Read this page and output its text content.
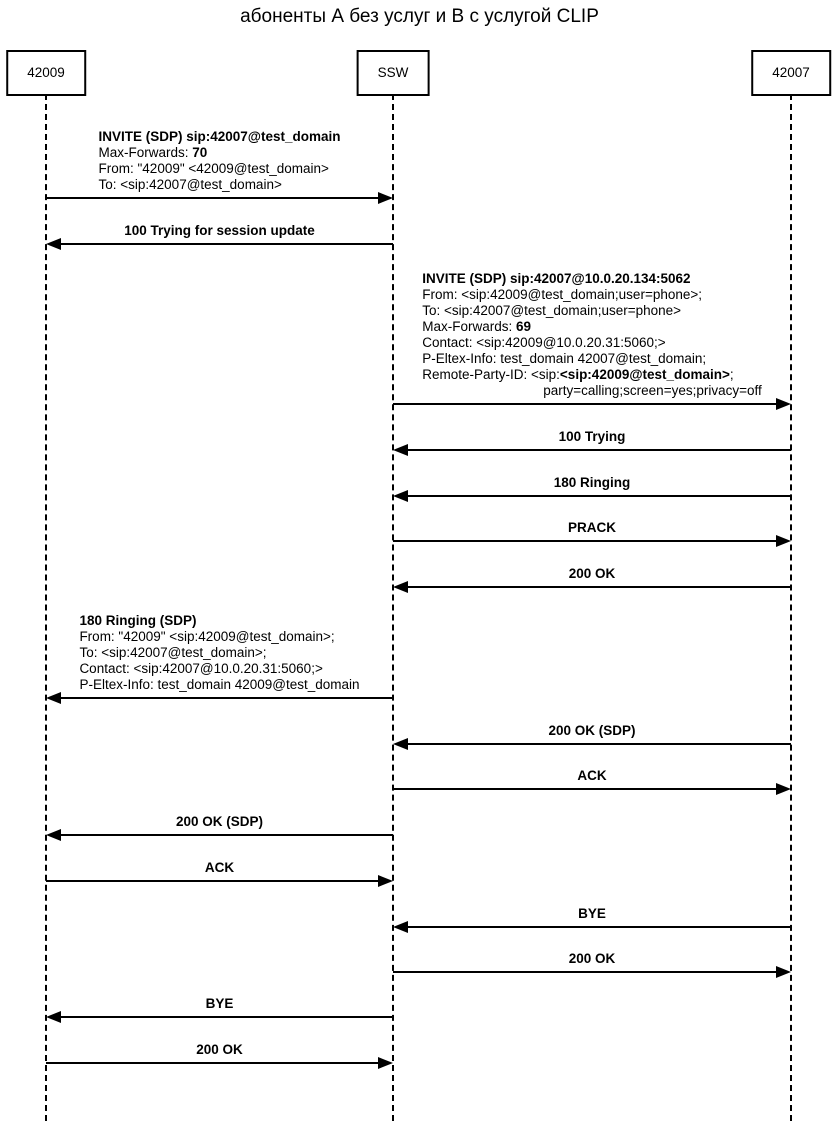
абоненты А без услуг и В с услугой CLIP
42009	SSW	42007
INVITE (SDP) sip:42007@test_domain
Max-Forwards: 70
From: "42009" <42009@test_domain>
To: <sip:42007@test_domain>
100 Trying for session update
INVITE (SDP) sip:42007@10.0.20.134:5062
From: <sip:42009@test_domain;user=phone>;
To: <sip:42007@test_domain;user=phone>
Max-Forwards: 69
Contact: <sip:42009@10.0.20.31:5060;>
P-Eltex-Info: test_domain 42007@test_domain;
Remote-Party-ID: <sip:<sip:42009@test_domain>;
party=calling;screen=yes;privacy=off
100 Trying
180 Ringing
PRACK
200 OK
180 Ringing (SDP)
From: "42009" <sip:42009@test_domain>;
To: <sip:42007@test_domain>;
Contact: <sip:42007@10.0.20.31:5060;>
P-Eltex-Info: test_domain 42009@test_domain
200 OK (SDP)
ACK
200 OK (SDP)
ACK
BYE
200 OK
BYE
200 OK
